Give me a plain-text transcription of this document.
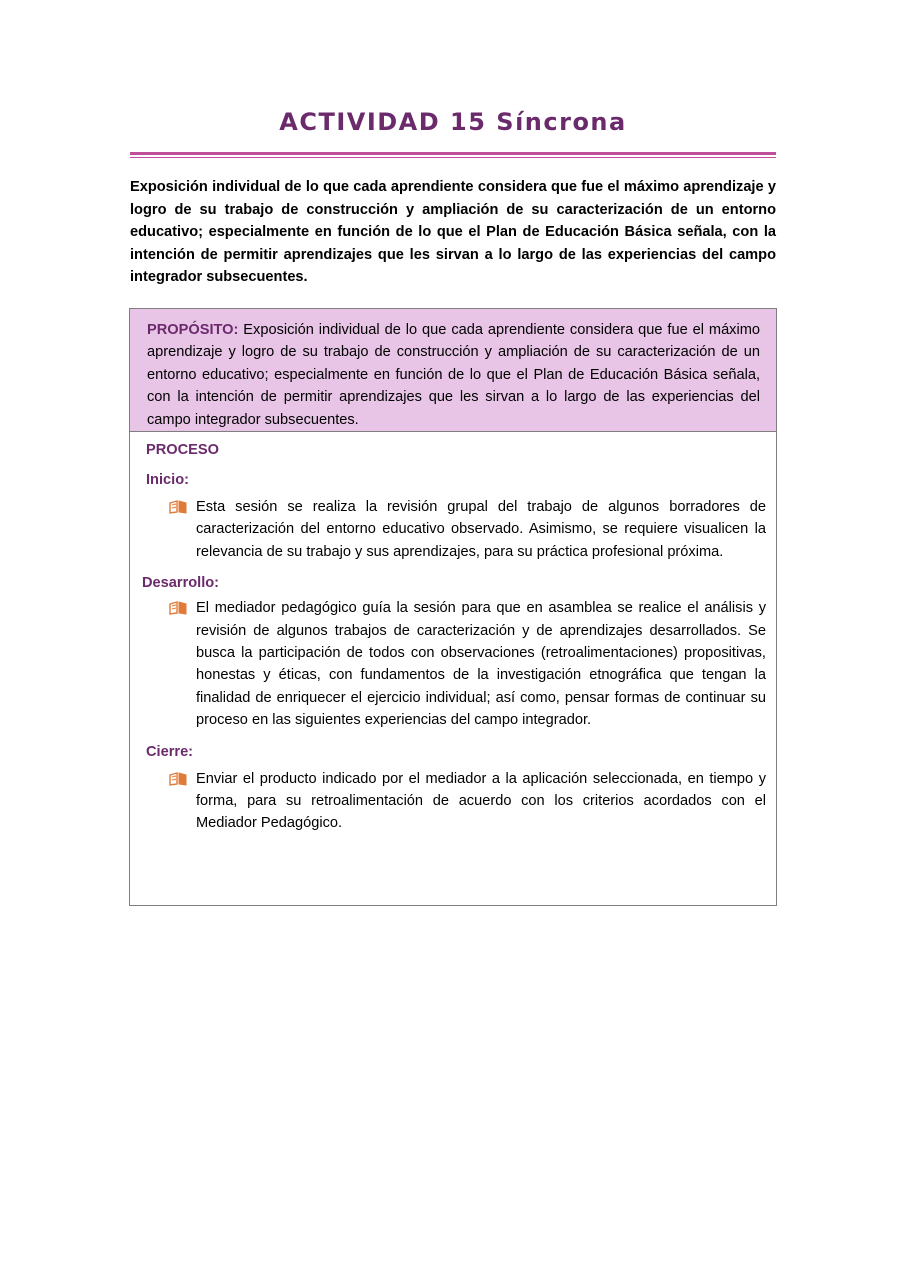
ACTIVIDAD 15 Síncrona
Exposición individual de lo que cada aprendiente considera que fue el máximo aprendizaje y logro de su trabajo de construcción y ampliación de su caracterización de un entorno educativo; especialmente en función de lo que el Plan de Educación Básica señala, con la intención de permitir aprendizajes que les sirvan a lo largo de las experiencias del campo integrador subsecuentes.
PROPÓSITO: Exposición individual de lo que cada aprendiente considera que fue el máximo aprendizaje y logro de su trabajo de construcción y ampliación de su caracterización de un entorno educativo; especialmente en función de lo que el Plan de Educación Básica señala, con la intención de permitir aprendizajes que les sirvan a lo largo de las experiencias del campo integrador subsecuentes.
PROCESO
Inicio:
Esta sesión se realiza la revisión grupal del trabajo de algunos borradores de caracterización del entorno educativo observado. Asimismo, se requiere visualicen la relevancia de su trabajo y sus aprendizajes, para su práctica profesional próxima.
Desarrollo:
El mediador pedagógico guía la sesión para que en asamblea se realice el análisis y revisión de algunos trabajos de caracterización y de aprendizajes desarrollados. Se busca la participación de todos con observaciones (retroalimentaciones) propositivas, honestas y éticas, con fundamentos de la investigación etnográfica que tengan la finalidad de enriquecer el ejercicio individual; así como, pensar formas de continuar su proceso en las siguientes experiencias del campo integrador.
Cierre:
Enviar el producto indicado por el mediador a la aplicación seleccionada, en tiempo y forma, para su retroalimentación de acuerdo con los criterios acordados con el Mediador Pedagógico.
